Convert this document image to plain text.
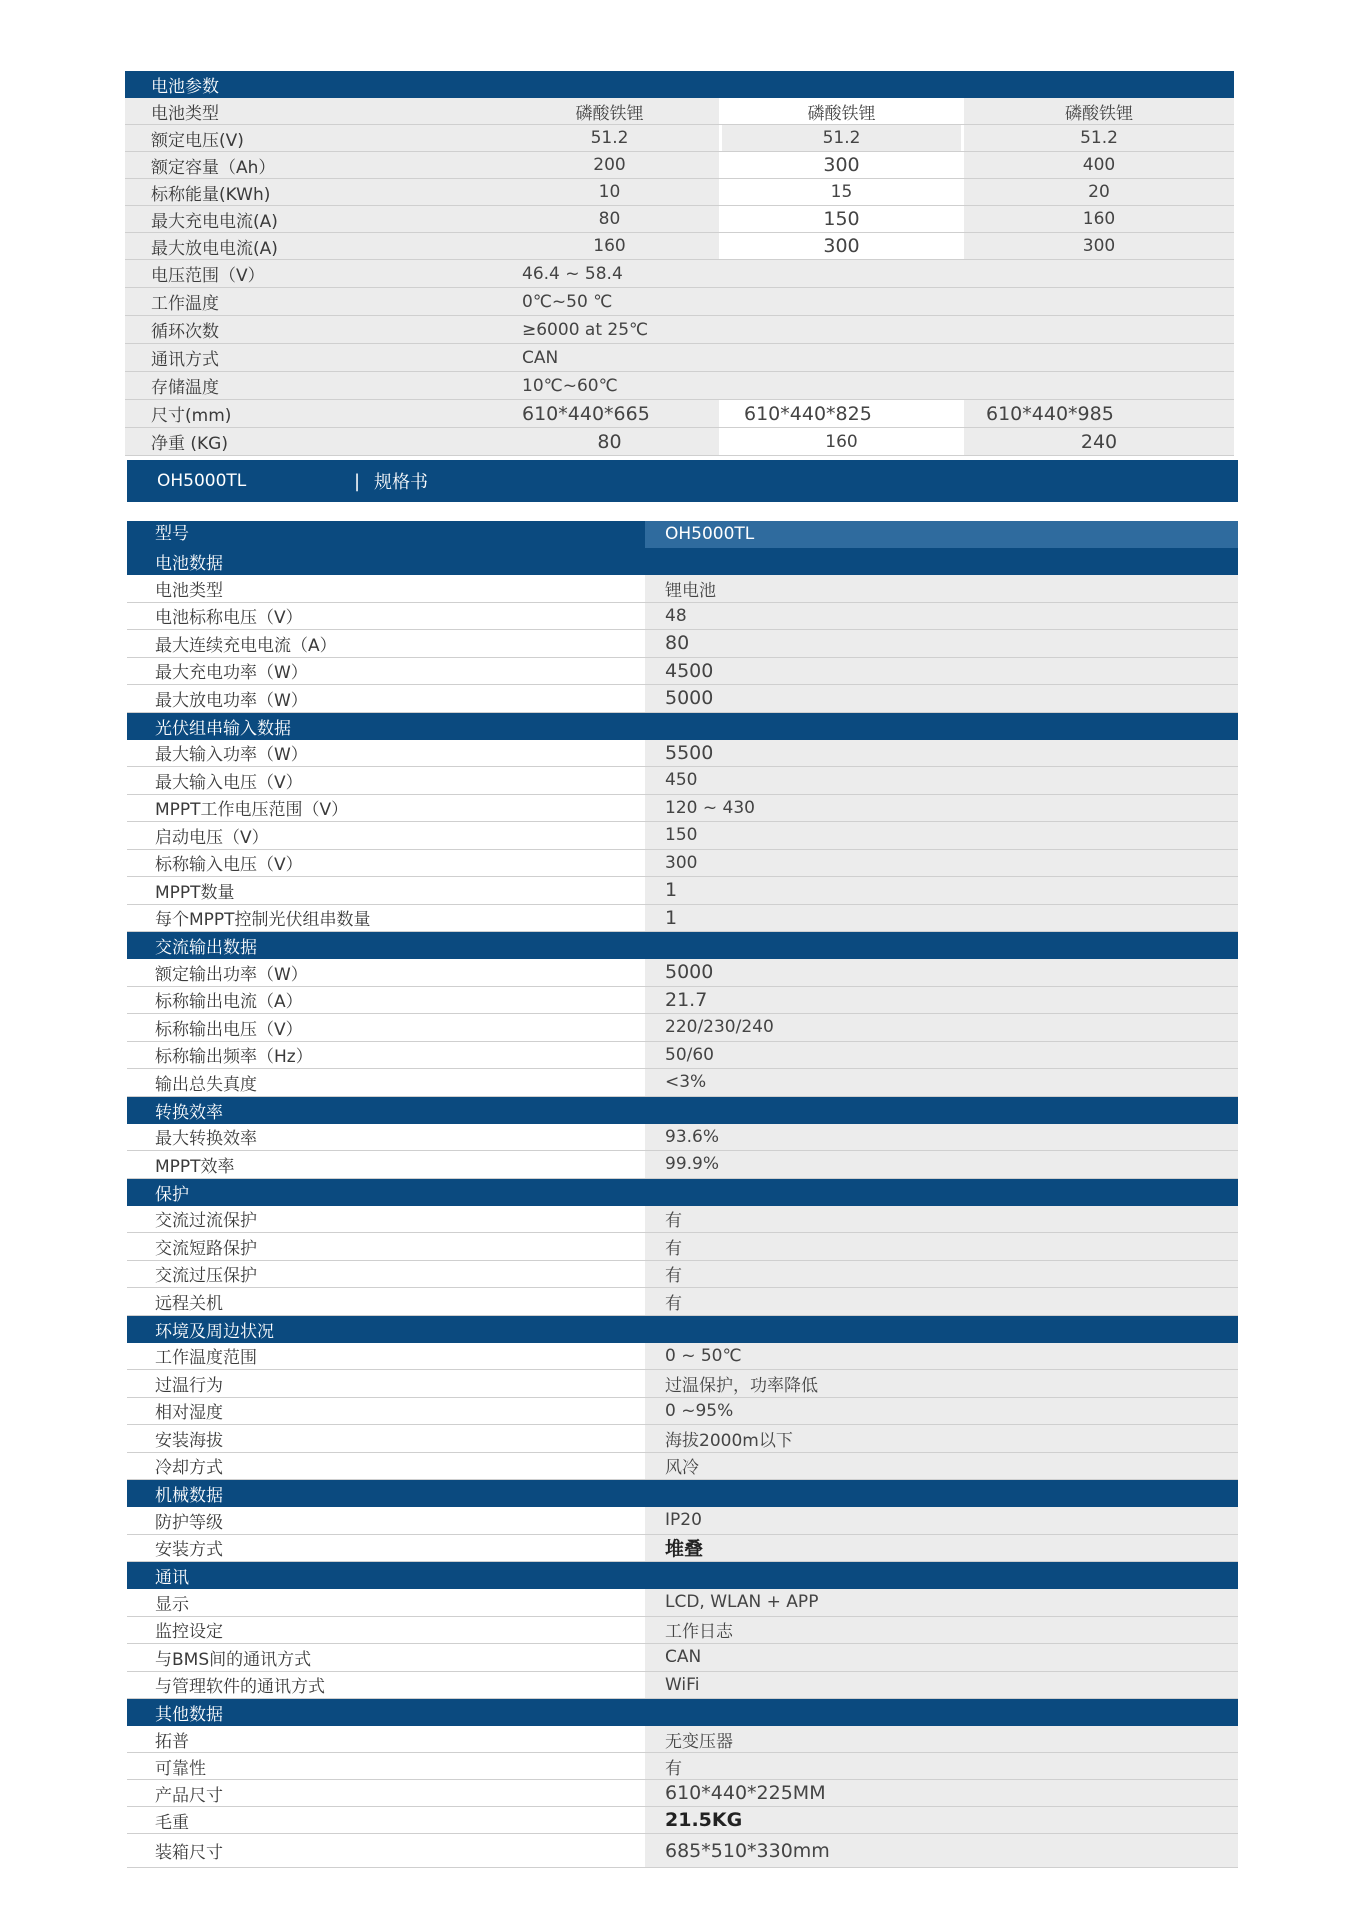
电池参数
电池类型	磷酸铁锂	磷酸铁锂	磷酸铁锂
额定电压(V)	51.2	51.2	51.2
额定容量（Ah）	200	300	400
标称能量(KWh)	10	15	20
最大充电电流(A)	80	150	160
最大放电电流(A)	160	300	300
电压范围（V）	46.4 ~ 58.4
工作温度	0℃~50 ℃
循环次数	≥6000 at 25℃
通讯方式	CAN
存储温度	10℃~60℃
尺寸(mm)	610*440*665	610*440*825	610*440*985
净重 (KG)	80	160	240
OH5000TL	| 规格书
型号	OH5000TL
电池数据
电池类型	锂电池
电池标称电压（V）	48
最大连续充电电流（A）	80
最大充电功率（W）	4500
最大放电功率（W）	5000
光伏组串输入数据
最大输入功率（W）	5500
最大输入电压（V）	450
MPPT工作电压范围（V）	120 ~ 430
启动电压（V）	150
标称输入电压（V）	300
MPPT数量	1
每个MPPT控制光伏组串数量	1
交流输出数据
额定输出功率（W）	5000
标称输出电流（A）	21.7
标称输出电压（V）	220/230/240
标称输出频率（Hz）	50/60
输出总失真度	<3%
转换效率
最大转换效率	93.6%
MPPT效率	99.9%
保护
交流过流保护	有
交流短路保护	有
交流过压保护	有
远程关机	有
环境及周边状况
工作温度范围	0 ~ 50℃
过温行为	过温保护，功率降低
相对湿度	0 ~95%
安装海拔	海拔2000m以下
冷却方式	风冷
机械数据
防护等级	IP20
安装方式	堆叠
通讯
显示	LCD, WLAN + APP
监控设定	工作日志
与BMS间的通讯方式	CAN
与管理软件的通讯方式	WiFi
其他数据
拓普	无变压器
可靠性	有
产品尺寸	610*440*225MM
毛重	21.5KG
装箱尺寸	685*510*330mm
